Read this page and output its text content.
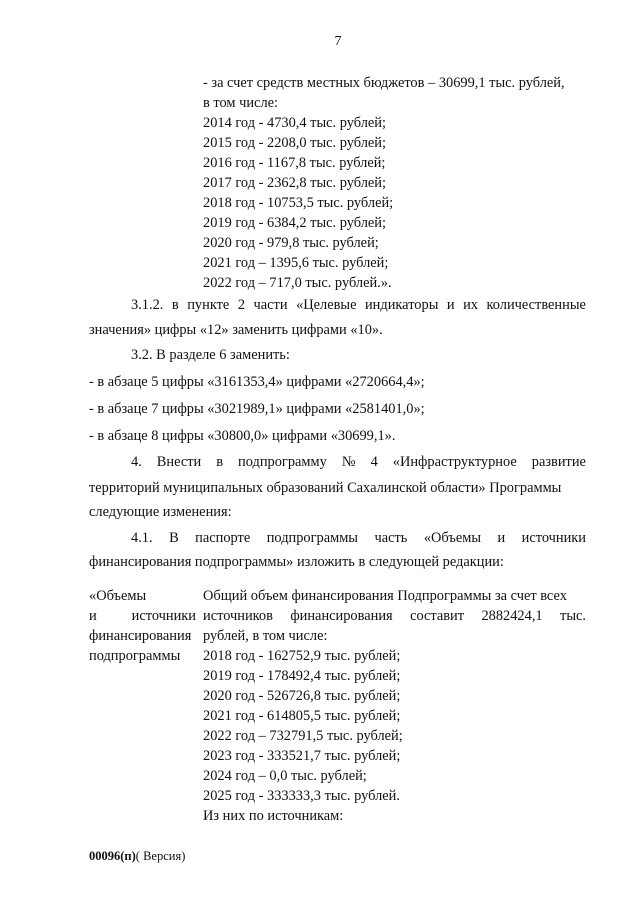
7
- за счет средств местных бюджетов – 30699,1 тыс. рублей,
в том числе:
2014 год - 4730,4 тыс. рублей;
2015 год - 2208,0 тыс. рублей;
2016 год - 1167,8 тыс. рублей;
2017 год - 2362,8 тыс. рублей;
2018 год - 10753,5 тыс. рублей;
2019 год - 6384,2 тыс. рублей;
2020 год - 979,8 тыс. рублей;
2021 год – 1395,6 тыс. рублей;
2022 год – 717,0 тыс. рублей.».
3.1.2. в пункте 2 части «Целевые индикаторы и их количественные
значения» цифры «12» заменить цифрами «10».
3.2. В разделе 6 заменить:
- в абзаце 5 цифры «3161353,4» цифрами «2720664,4»;
- в абзаце 7 цифры «3021989,1» цифрами «2581401,0»;
- в абзаце 8 цифры «30800,0» цифрами «30699,1».
4. Внести в подпрограмму № 4 «Инфраструктурное развитие
территорий муниципальных образований Сахалинской области» Программы
следующие изменения:
4.1. В паспорте подпрограммы часть «Объемы и источники
финансирования подпрограммы» изложить в следующей редакции:
«Объемы
и источники
финансирования
подпрограммы
Общий объем финансирования Подпрограммы за счет всех
источников финансирования составит 2882424,1 тыс.
рублей, в том числе:
2018 год - 162752,9 тыс. рублей;
2019 год - 178492,4 тыс. рублей;
2020 год - 526726,8 тыс. рублей;
2021 год - 614805,5 тыс. рублей;
2022 год – 732791,5 тыс. рублей;
2023 год - 333521,7 тыс. рублей;
2024 год – 0,0 тыс. рублей;
2025 год - 333333,3 тыс. рублей.
Из них по источникам:
00096(п)( Версия)
